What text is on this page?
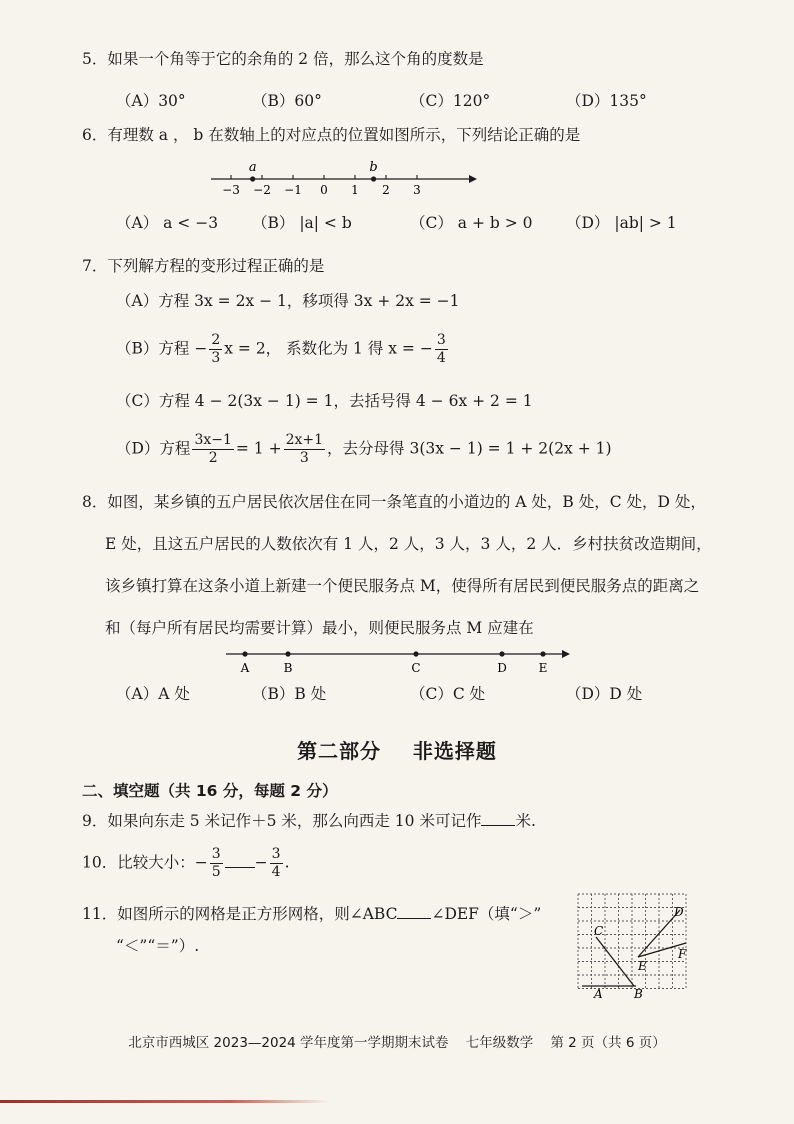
5．如果一个角等于它的余角的 2 倍，那么这个角的度数是
（A）30°	（B）60°	（C）120°	（D）135°
6．有理数 a ， b 在数轴上的对应点的位置如图所示，下列结论正确的是
−3 −2 −1 0 1 2 3
a	b
（A） a < −3 （B） |a| < b	（C） a + b > 0 （D） |ab| > 1
7．下列解方程的变形过程正确的是
（A）方程 3x = 2x − 1，移项得 3x + 2x = −1
（B）方程 − $\frac{2}{3}$ x = 2， 系数化为 1 得 x = − $\frac{3}{4}$
（C）方程 4 − 2(3x − 1) = 1，去括号得 4 − 6x + 2 = 1
（D）方程 $\frac{3x-1}{2} = 1 + \frac{2x+1}{3}$ ，去分母得 3(3x − 1) = 1 + 2(2x + 1)
8．如图，某乡镇的五户居民依次居住在同一条笔直的小道边的 A 处，B 处，C 处，D 处，
E 处，且这五户居民的人数依次有 1 人，2 人，3 人，3 人，2 人．乡村扶贫改造期间，
该乡镇打算在这条小道上新建一个便民服务点 M，使得所有居民到便民服务点的距离之
和（每户所有居民均需要计算）最小，则便民服务点 M 应建在
A	B	C	D	E
（A）A 处	（B）B 处	（C）C 处	（D）D 处
第二部分    非选择题
二、填空题（共 16 分，每题 2 分）
9．如果向东走 5 米记作＋5 米，那么向西走 10 米可记作 米.
10．比较大小：− $\frac{3}{5} - \frac{3}{4}$ .
11．如图所示的网格是正方形网格，则∠ABC ∠DEF（填“＞”
“＜”“＝”）.
A	B
C
D
E
F
北京市西城区 2023—2024 学年度第一学期期末试卷    七年级数学    第 2 页（共 6 页）
